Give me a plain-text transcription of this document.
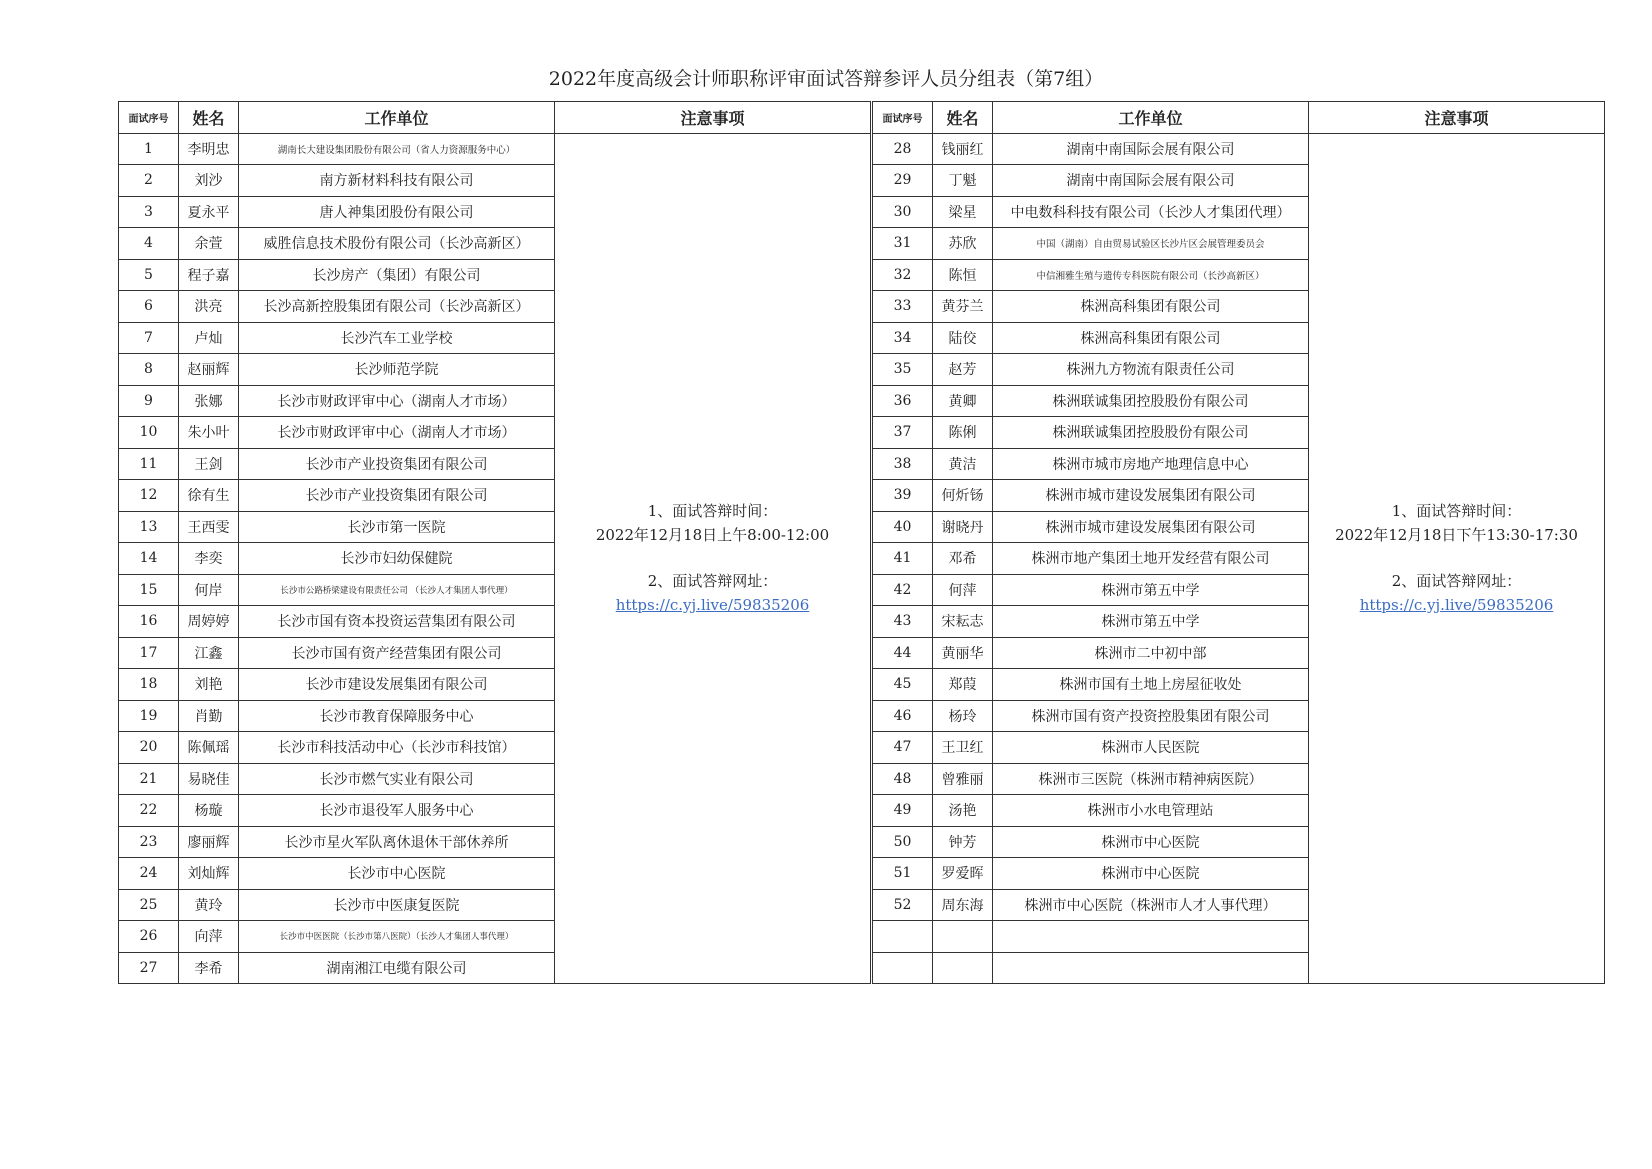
2022年度高级会计师职称评审面试答辩参评人员分组表（第7组）
面试序号	姓名	工作单位	注意事项
1	李明忠	湖南长大建设集团股份有限公司（省人力资源服务中心）	1、面试答辩时间：
2022年12月18日上午8:00-12:00
2、面试答辩网址：
https://c.yj.live/59835206

2	刘沙	南方新材料科技有限公司	
3	夏永平	唐人神集团股份有限公司	
4	余萱	威胜信息技术股份有限公司（长沙高新区）	
5	程子嘉	长沙房产（集团）有限公司	
6	洪亮	长沙高新控股集团有限公司（长沙高新区）	
7	卢灿	长沙汽车工业学校	
8	赵丽辉	长沙师范学院	
9	张娜	长沙市财政评审中心（湖南人才市场）	
10	朱小叶	长沙市财政评审中心（湖南人才市场）	
11	王剑	长沙市产业投资集团有限公司	
12	徐有生	长沙市产业投资集团有限公司	
13	王西雯	长沙市第一医院	
14	李奕	长沙市妇幼保健院	
15	何岸	长沙市公路桥梁建设有限责任公司 （长沙人才集团人事代理）	
16	周婷婷	长沙市国有资本投资运营集团有限公司	
17	江鑫	长沙市国有资产经营集团有限公司	
18	刘艳	长沙市建设发展集团有限公司	
19	肖勤	长沙市教育保障服务中心	
20	陈佩瑶	长沙市科技活动中心（长沙市科技馆）	
21	易晓佳	长沙市燃气实业有限公司	
22	杨璇	长沙市退役军人服务中心	
23	廖丽辉	长沙市星火军队离休退休干部休养所	
24	刘灿辉	长沙市中心医院	
25	黄玲	长沙市中医康复医院	
26	向萍	长沙市中医医院（长沙市第八医院）（长沙人才集团人事代理）	
27	李希	湖南湘江电缆有限公司	
面试序号	姓名	工作单位	注意事项
28	钱丽红	湖南中南国际会展有限公司	1、面试答辩时间：
2022年12月18日下午13:30-17:30
2、面试答辩网址：
https://c.yj.live/59835206

29	丁魁	湖南中南国际会展有限公司	
30	梁星	中电数科科技有限公司（长沙人才集团代理）	
31	苏欣	中国（湖南）自由贸易试验区长沙片区会展管理委员会	
32	陈恒	中信湘雅生殖与遗传专科医院有限公司（长沙高新区）	
33	黄芬兰	株洲高科集团有限公司	
34	陆佼	株洲高科集团有限公司	
35	赵芳	株洲九方物流有限责任公司	
36	黄卿	株洲联诚集团控股股份有限公司	
37	陈俐	株洲联诚集团控股股份有限公司	
38	黄洁	株洲市城市房地产地理信息中心	
39	何炘钖	株洲市城市建设发展集团有限公司	
40	谢晓丹	株洲市城市建设发展集团有限公司	
41	邓希	株洲市地产集团土地开发经营有限公司	
42	何萍	株洲市第五中学	
43	宋耘志	株洲市第五中学	
44	黄丽华	株洲市二中初中部	
45	郑葭	株洲市国有土地上房屋征收处	
46	杨玲	株洲市国有资产投资控股集团有限公司	
47	王卫红	株洲市人民医院	
48	曾雅丽	株洲市三医院（株洲市精神病医院）	
49	汤艳	株洲市小水电管理站	
50	钟芳	株洲市中心医院	
51	罗爱晖	株洲市中心医院	
52	周东海	株洲市中心医院（株洲市人才人事代理）	
